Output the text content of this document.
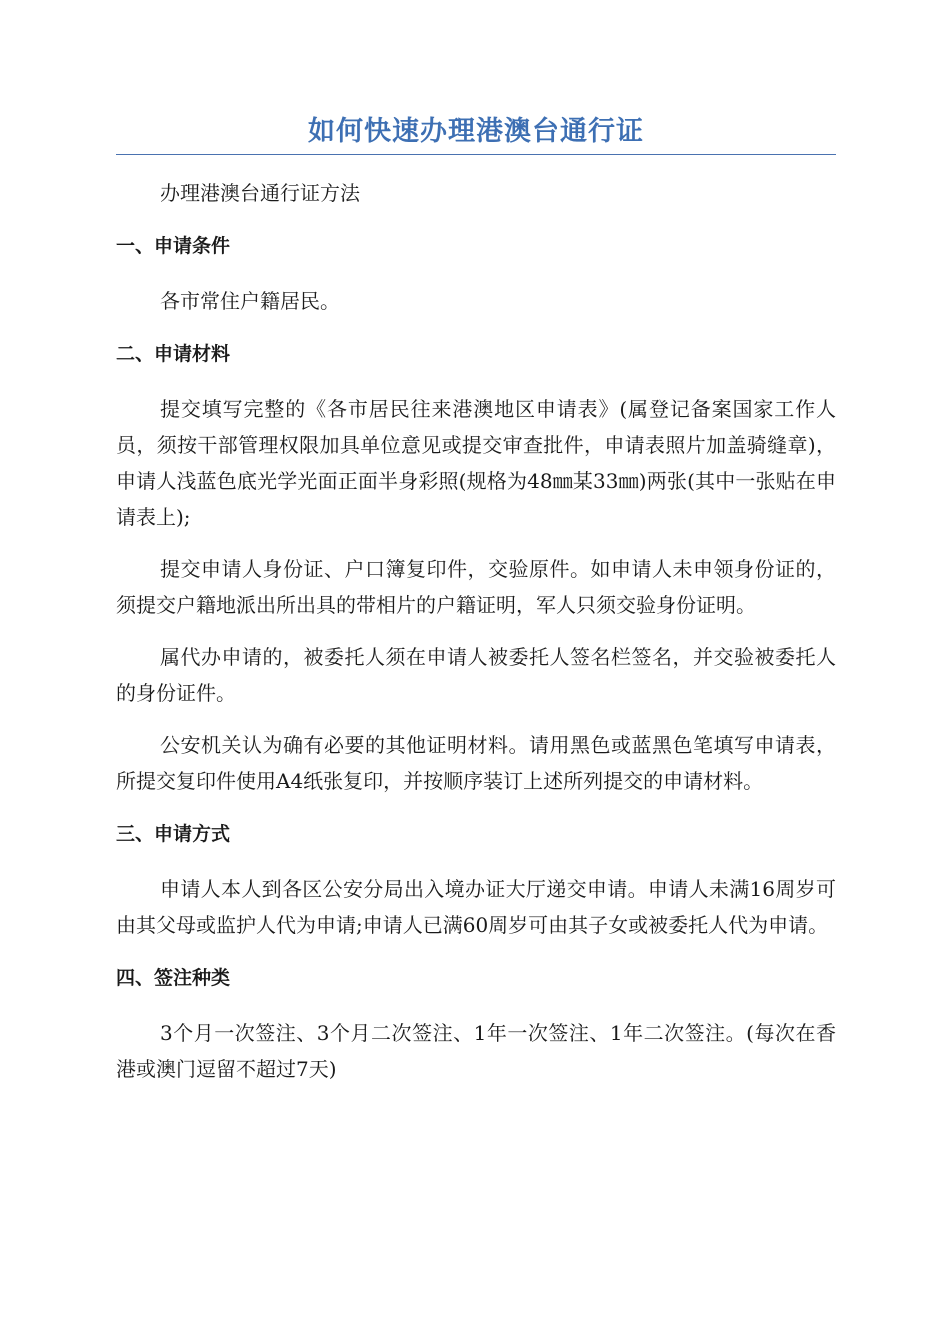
如何快速办理港澳台通行证

办理港澳台通行证方法

一、申请条件

各市常住户籍居民。

二、申请材料

提交填写完整的《各市居民往来港澳地区申请表》(属登记备案国家工作人员，须按干部管理权限加具单位意见或提交审查批件，申请表照片加盖骑缝章)，申请人浅蓝色底光学光面正面半身彩照(规格为48㎜某33㎜)两张(其中一张贴在申请表上);

提交申请人身份证、户口簿复印件，交验原件。如申请人未申领身份证的，须提交户籍地派出所出具的带相片的户籍证明，军人只须交验身份证明。

属代办申请的，被委托人须在申请人被委托人签名栏签名，并交验被委托人的身份证件。

公安机关认为确有必要的其他证明材料。请用黑色或蓝黑色笔填写申请表，所提交复印件使用A4纸张复印，并按顺序装订上述所列提交的申请材料。

三、申请方式

申请人本人到各区公安分局出入境办证大厅递交申请。申请人未满16周岁可由其父母或监护人代为申请;申请人已满60周岁可由其子女或被委托人代为申请。

四、签注种类

3个月一次签注、3个月二次签注、1年一次签注、1年二次签注。(每次在香港或澳门逗留不超过7天)
